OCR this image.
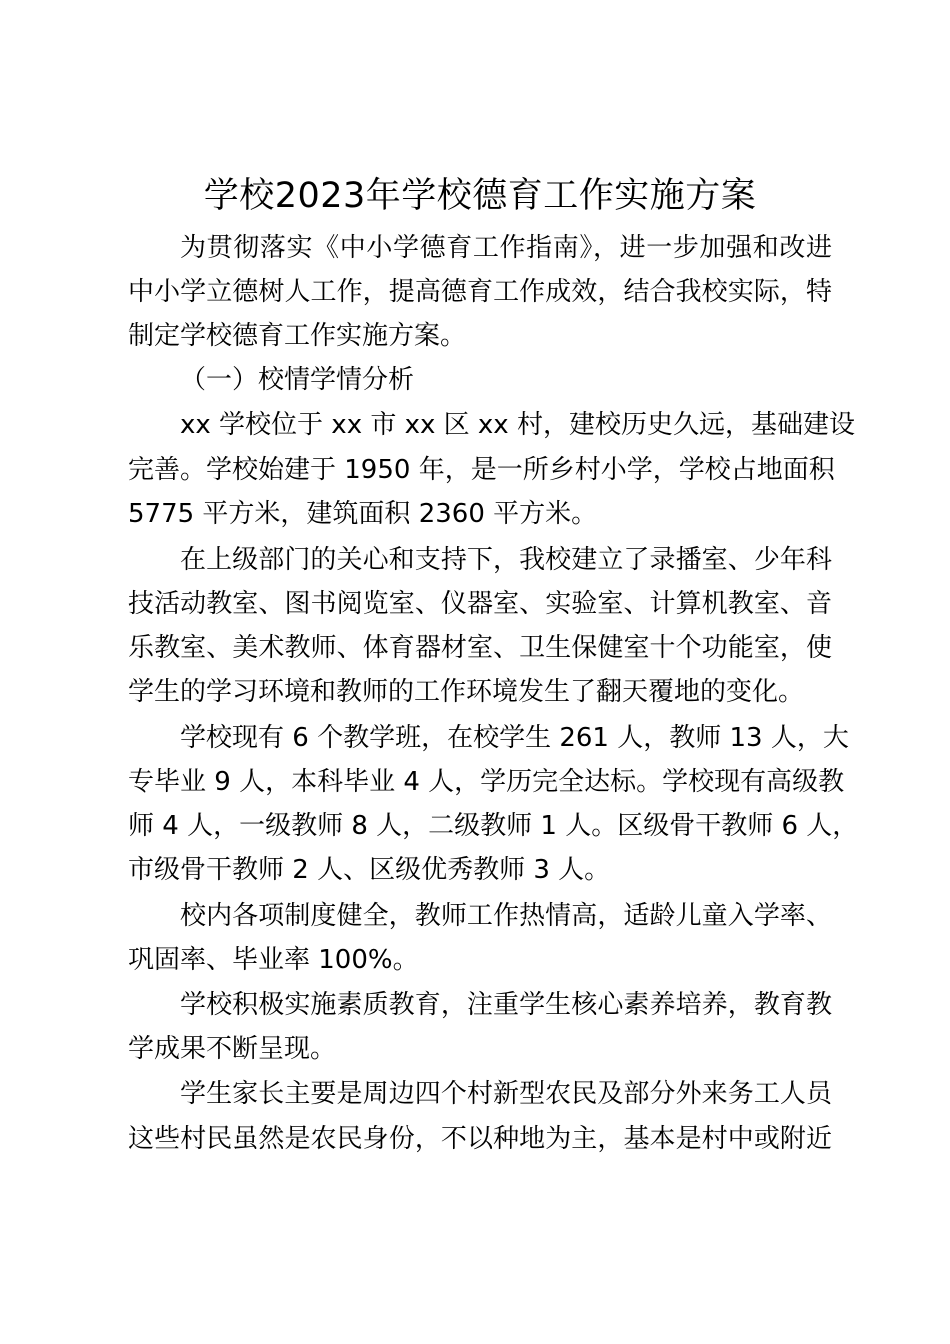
学校2023年学校德育工作实施方案
为贯彻落实《中小学德育工作指南》，进一步加强和改进
中小学立德树人工作，提高德育工作成效，结合我校实际，特
制定学校德育工作实施方案。
（一）校情学情分析
xx 学校位于 xx 市 xx 区 xx 村，建校历史久远，基础建设
完善。学校始建于 1950 年，是一所乡村小学，学校占地面积
5775 平方米，建筑面积 2360 平方米。
在上级部门的关心和支持下，我校建立了录播室、少年科
技活动教室、图书阅览室、仪器室、实验室、计算机教室、音
乐教室、美术教师、体育器材室、卫生保健室十个功能室，使
学生的学习环境和教师的工作环境发生了翻天覆地的变化。
学校现有 6 个教学班，在校学生 261 人，教师 13 人，大
专毕业 9 人，本科毕业 4 人，学历完全达标。学校现有高级教
师 4 人，一级教师 8 人，二级教师 1 人。区级骨干教师 6 人，
市级骨干教师 2 人、区级优秀教师 3 人。
校内各项制度健全，教师工作热情高，适龄儿童入学率、
巩固率、毕业率 100%。
学校积极实施素质教育，注重学生核心素养培养，教育教
学成果不断呈现。
学生家长主要是周边四个村新型农民及部分外来务工人员
这些村民虽然是农民身份，不以种地为主，基本是村中或附近
